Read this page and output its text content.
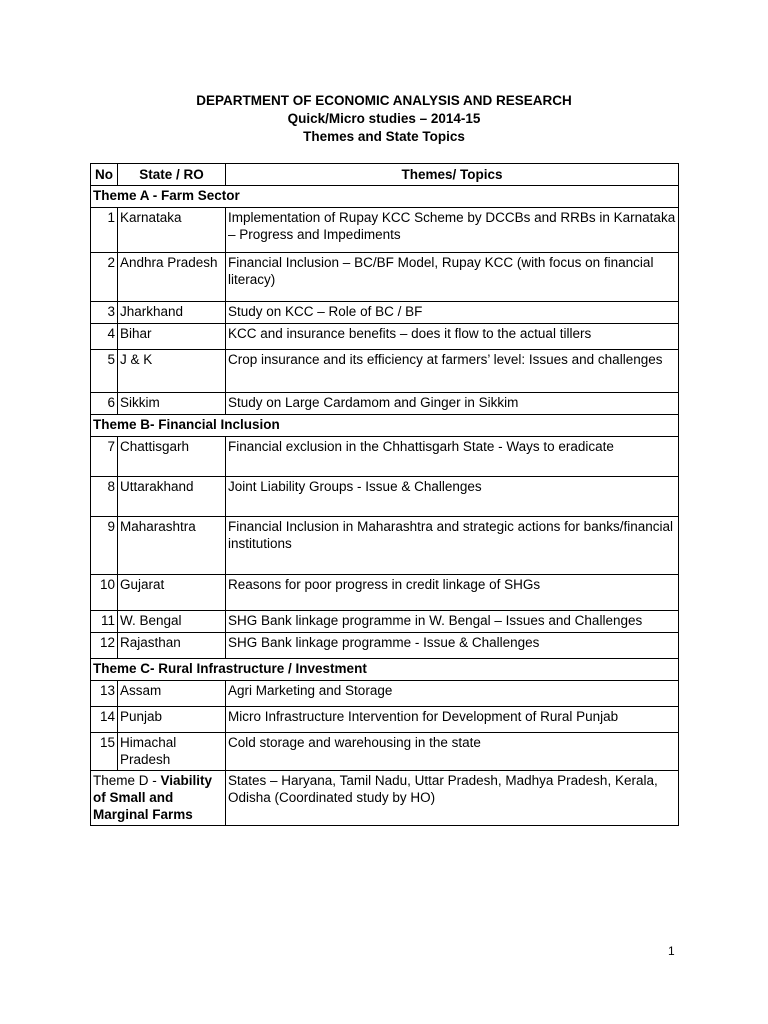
DEPARTMENT OF ECONOMIC ANALYSIS AND RESEARCH
Quick/Micro studies – 2014-15
Themes and State Topics
No	State / RO	Themes/ Topics
Theme A - Farm Sector		
1	Karnataka	Implementation of Rupay KCC Scheme by DCCBs and RRBs in Karnataka – Progress and Impediments
2	Andhra Pradesh	Financial Inclusion – BC/BF Model, Rupay KCC (with focus on financial literacy)
3	Jharkhand	Study on KCC – Role of BC / BF
4	Bihar	KCC and insurance benefits – does it flow to the actual tillers
5	J & K	Crop insurance and its efficiency at farmers’ level: Issues and challenges
6	Sikkim	Study on Large Cardamom and Ginger in Sikkim
Theme B- Financial Inclusion		
7	Chattisgarh	Financial exclusion in the Chhattisgarh State - Ways to eradicate
8	Uttarakhand	Joint Liability Groups - Issue & Challenges
9	Maharashtra	Financial Inclusion in Maharashtra and strategic actions for banks/financial institutions
10	Gujarat	Reasons for poor progress in credit linkage of SHGs
11	W. Bengal	SHG Bank linkage programme in W. Bengal – Issues and Challenges
12	Rajasthan	SHG Bank linkage programme - Issue & Challenges
Theme C- Rural Infrastructure / Investment		
13	Assam	Agri Marketing and Storage
14	Punjab	Micro Infrastructure Intervention for Development of Rural Punjab
15	Himachal Pradesh	Cold storage and warehousing in the state
Theme D - Viability of Small and Marginal Farms		States – Haryana, Tamil Nadu, Uttar Pradesh, Madhya Pradesh, Kerala, Odisha (Coordinated study by HO)
1
